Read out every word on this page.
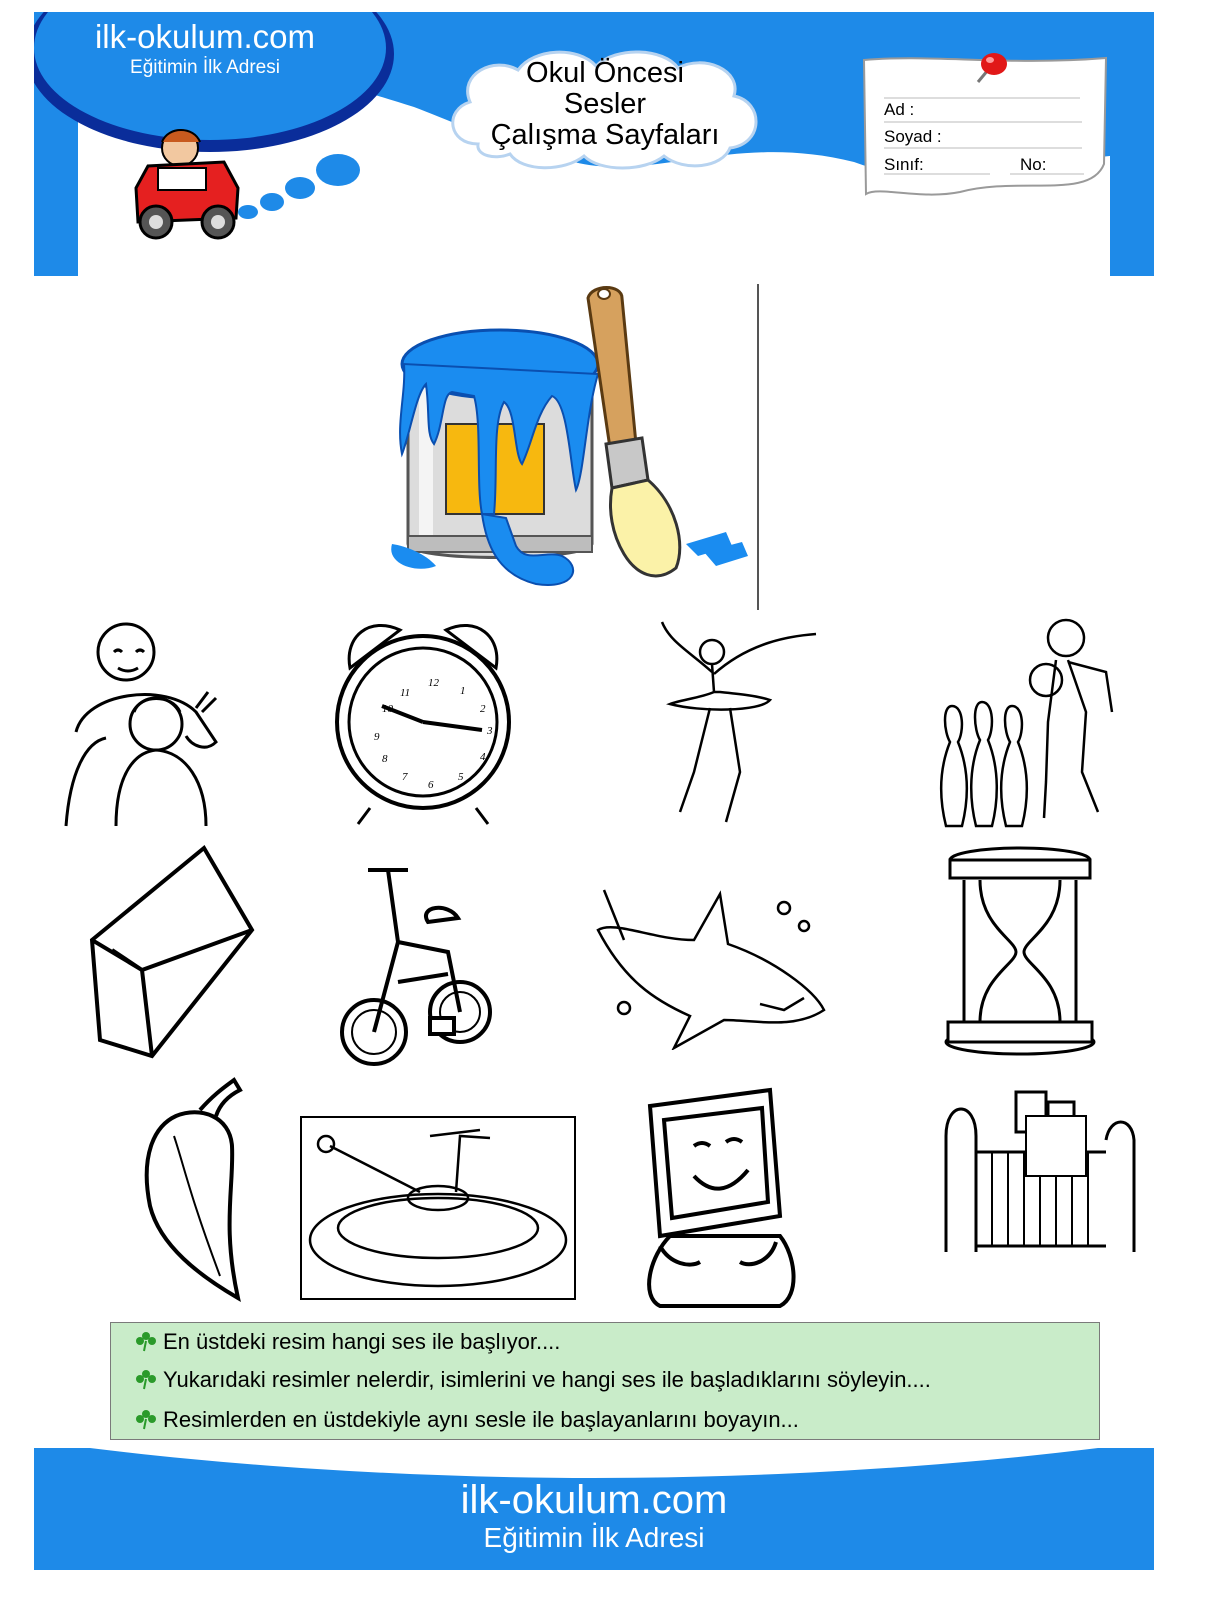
ilk-okulum.com
Eğitimin İlk Adresi	Okul Öncesi
Sesler
Çalışma Sayfaları
Ad :
Soyad :
Sınıf:	No:
12
1
2
3
4
5
6
7
8
9
10
11
En üstdeki resim hangi ses ile başlıyor....
Yukarıdaki resimler nelerdir, isimlerini ve hangi ses ile başladıklarını söyleyin....
Resimlerden en üstdekiyle aynı sesle ile başlayanlarını boyayın...
ilk-okulum.com
Eğitimin İlk Adresi
